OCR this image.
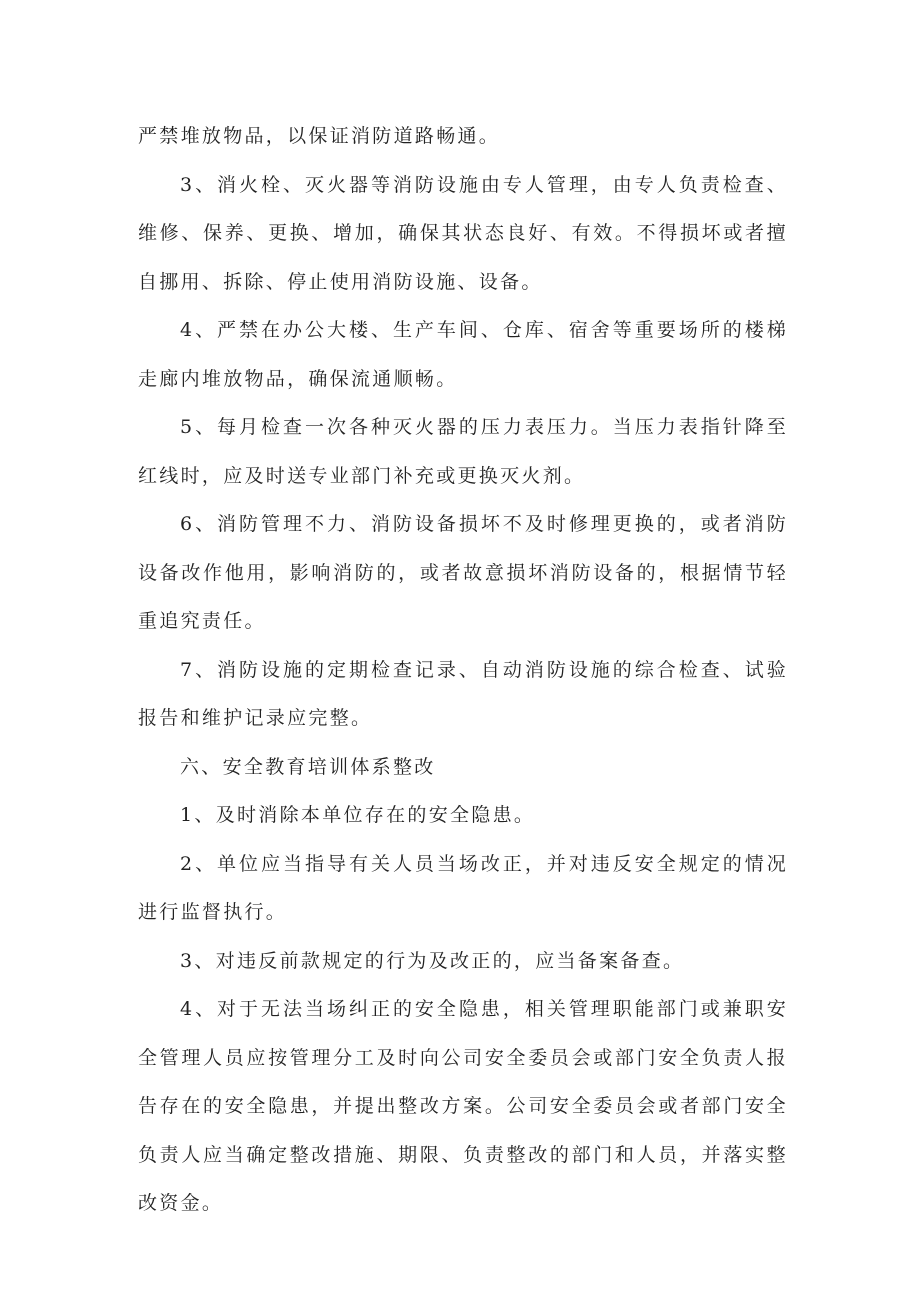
严禁堆放物品，以保证消防道路畅通。

3、消火栓、灭火器等消防设施由专人管理，由专人负责检查、维修、保养、更换、增加，确保其状态良好、有效。不得损坏或者擅自挪用、拆除、停止使用消防设施、设备。

4、严禁在办公大楼、生产车间、仓库、宿舍等重要场所的楼梯走廊内堆放物品，确保流通顺畅。

5、每月检查一次各种灭火器的压力表压力。当压力表指针降至红线时，应及时送专业部门补充或更换灭火剂。

6、消防管理不力、消防设备损坏不及时修理更换的，或者消防设备改作他用，影响消防的，或者故意损坏消防设备的，根据情节轻重追究责任。

7、消防设施的定期检查记录、自动消防设施的综合检查、试验报告和维护记录应完整。

六、安全教育培训体系整改

1、及时消除本单位存在的安全隐患。

2、单位应当指导有关人员当场改正，并对违反安全规定的情况进行监督执行。

3、对违反前款规定的行为及改正的，应当备案备查。

4、对于无法当场纠正的安全隐患，相关管理职能部门或兼职安全管理人员应按管理分工及时向公司安全委员会或部门安全负责人报告存在的安全隐患，并提出整改方案。公司安全委员会或者部门安全负责人应当确定整改措施、期限、负责整改的部门和人员，并落实整改资金。
